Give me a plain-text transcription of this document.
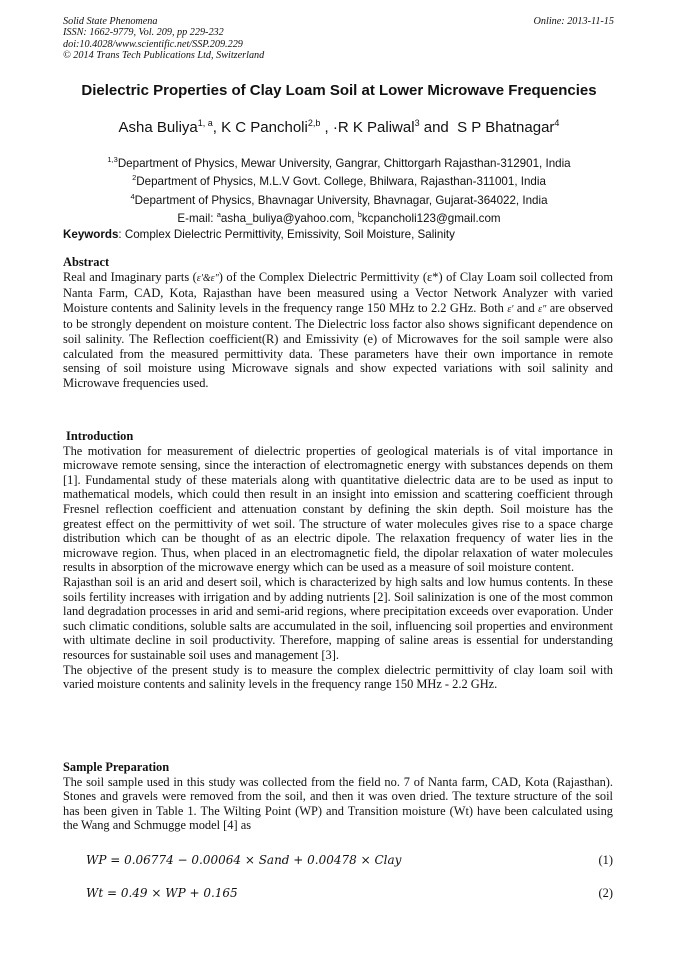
Solid State Phenomena
ISSN: 1662-9779, Vol. 209, pp 229-232
doi:10.4028/www.scientific.net/SSP.209.229
© 2014 Trans Tech Publications Ltd, Switzerland
Online: 2013-11-15
Dielectric Properties of Clay Loam Soil at Lower Microwave Frequencies
Asha Buliya$^{1, a}$, K C Pancholi$^{2,b}$ , ·R K Paliwal$^3$ and S P Bhatnagar$^4$
$^{1,3}$Department of Physics, Mewar University, Gangrar, Chittorgarh Rajasthan-312901, India
$^2$Department of Physics, M.L.V Govt. College, Bhilwara, Rajasthan-311001, India
$^4$Department of Physics, Bhavnagar University, Bhavnagar, Gujarat-364022, India
E-mail: $^a$asha_buliya@yahoo.com, $^b$kcpancholi123@gmail.com
Keywords: Complex Dielectric Permittivity, Emissivity, Soil Moisture, Salinity
Abstract

Real and Imaginary parts (ε'&ε") of the Complex Dielectric Permittivity (ε*) of Clay Loam soil collected from Nanta Farm, CAD, Kota, Rajasthan have been measured using a Vector Network Analyzer with varied Moisture contents and Salinity levels in the frequency range 150 MHz to 2.2 GHz. Both ε' and ε" are observed to be strongly dependent on moisture content. The Dielectric loss factor also shows significant dependence on soil salinity. The Reflection coefficient(R) and Emissivity (e) of Microwaves for the soil sample were also calculated from the measured permittivity data. These parameters have their own importance in remote sensing of soil moisture using Microwave signals and show expected variations with soil salinity and Microwave frequencies used.

Introduction

The motivation for measurement of dielectric properties of geological materials is of vital importance in microwave remote sensing, since the interaction of electromagnetic energy with substances depends on them [1]. Fundamental study of these materials along with quantitative dielectric data are to be used as input to mathematical models, which could then result in an insight into emission and scattering coefficient through Fresnel reflection coefficient and attenuation constant by defining the skin depth. Soil moisture has the greatest effect on the permittivity of wet soil. The structure of water molecules gives rise to a space charge distribution which can be thought of as an electric dipole. The relaxation frequency of water lies in the microwave region. Thus, when placed in an electromagnetic field, the dipolar relaxation of water molecules results in absorption of the microwave energy which can be used as a measure of soil moisture content.

Rajasthan soil is an arid and desert soil, which is characterized by high salts and low humus contents. In these soils fertility increases with irrigation and by adding nutrients [2]. Soil salinization is one of the most common land degradation processes in arid and semi-arid regions, where precipitation exceeds over evaporation. Under such climatic conditions, soluble salts are accumulated in the soil, influencing soil properties and environment with ultimate decline in soil productivity. Therefore, mapping of saline areas is essential for understanding resources for sustainable soil uses and management [3].

The objective of the present study is to measure the complex dielectric permittivity of clay loam soil with varied moisture contents and salinity levels in the frequency range 150 MHz - 2.2 GHz.

Sample Preparation

The soil sample used in this study was collected from the field no. 7 of Nanta farm, CAD, Kota (Rajasthan). Stones and gravels were removed from the soil, and then it was oven dried. The texture structure of the soil has been given in Table 1. The Wilting Point (WP) and Transition moisture (Wt) have been calculated using the Wang and Schmugge model [4] as

WP = 0.06774 − 0.00064 × Sand + 0.00478 × Clay	(1)
Wt = 0.49 × WP + 0.165	(2)
